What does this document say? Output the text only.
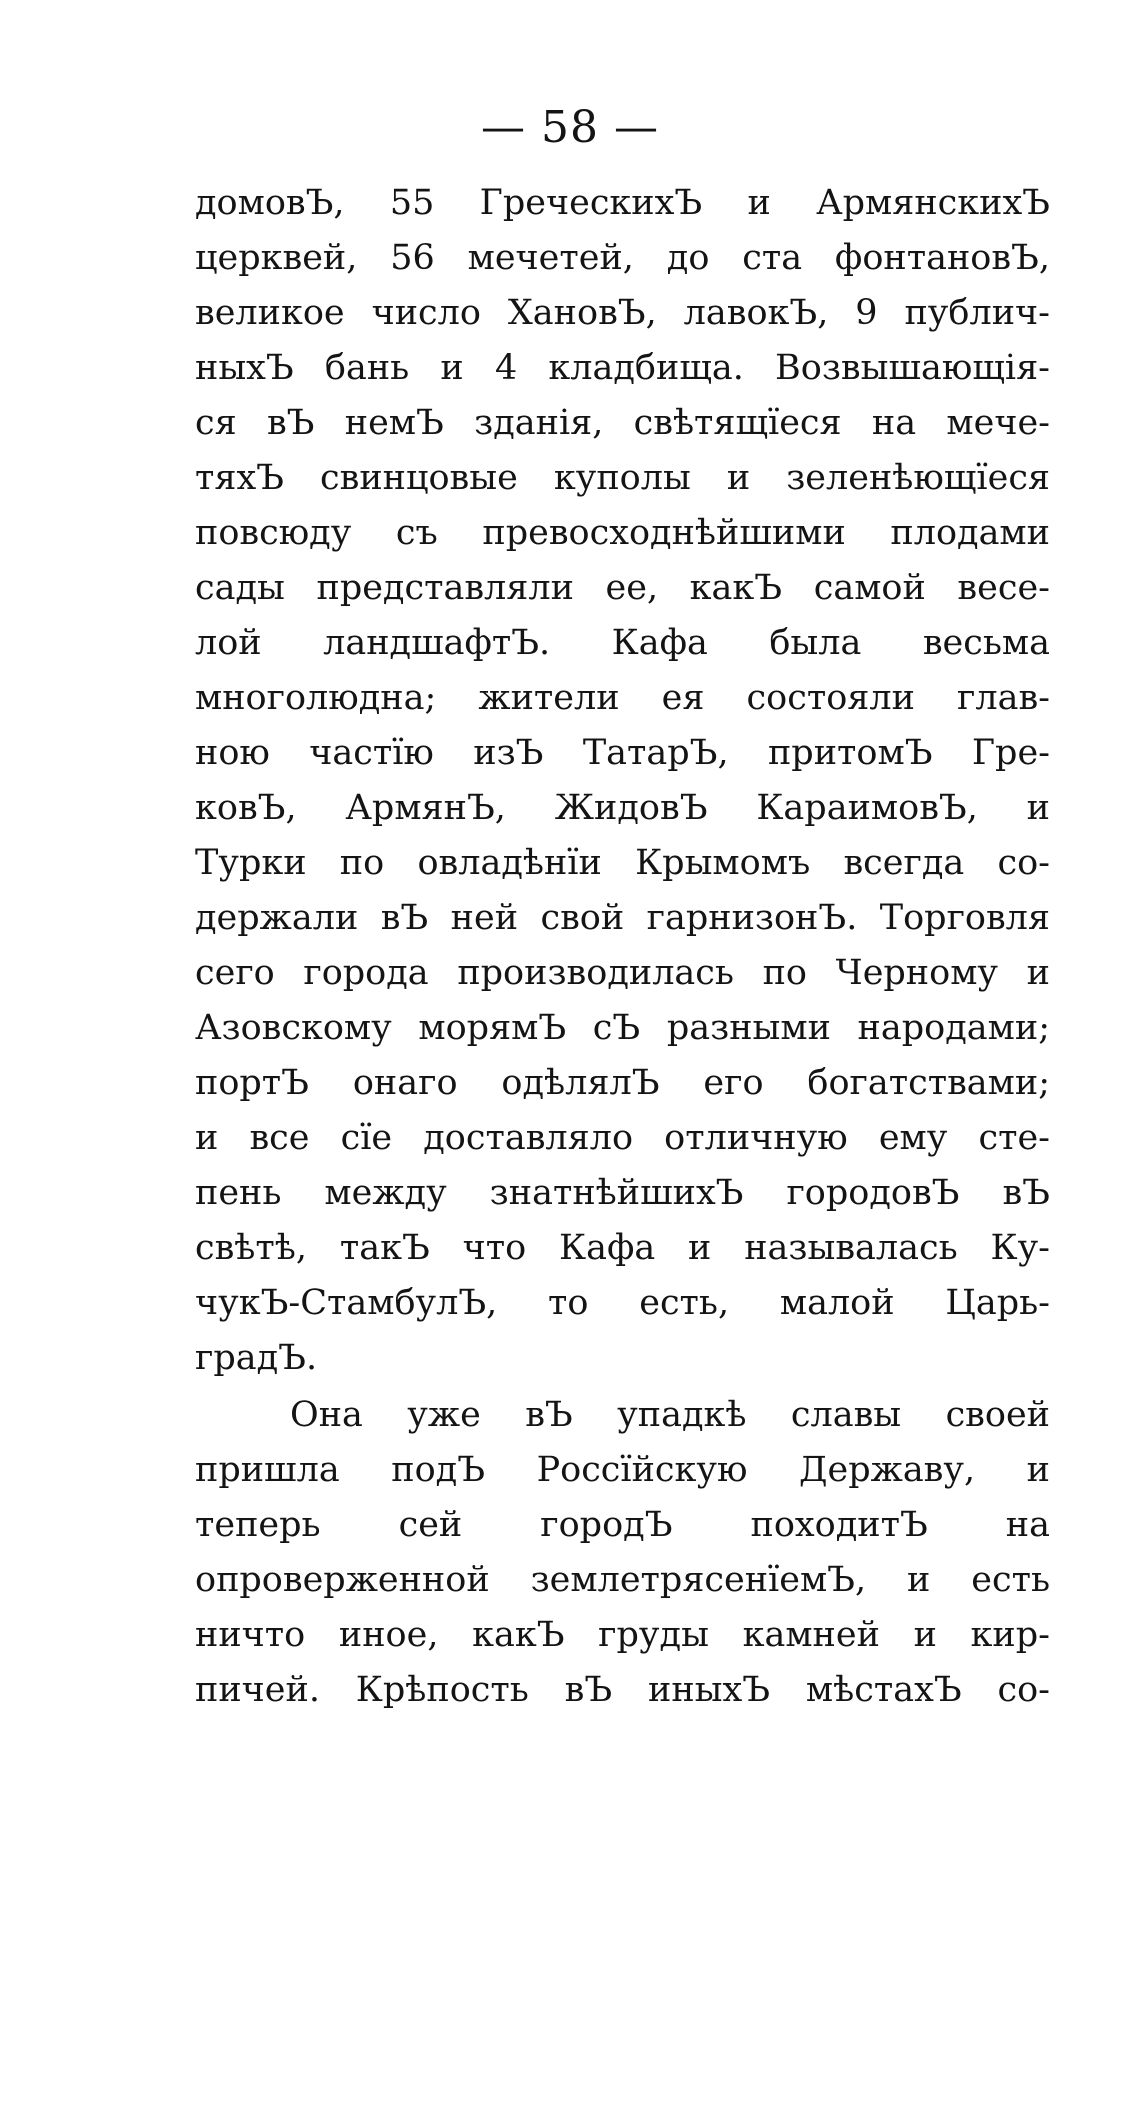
— 58 —
домовЪ, 55 ГреческихЪ и АрмянскихЪ
церквей, 56 мечетей, до ста фонтановЪ,
великое число ХановЪ, лавокЪ, 9 публич-
ныхЪ бань и 4 кладбища. Возвышающія-
ся вЪ немЪ зданія, свѣтящїеся на мече-
тяхЪ свинцовые куполы и зеленѣющїеся
повсюду съ превосходнѣйшими плодами
сады представляли ее, какЪ самой весе-
лой ландшафтЪ. Кафа была весьма
многолюдна; жители ея состояли глав-
ною частїю изЪ ТатарЪ, притомЪ Гре-
ковЪ, АрмянЪ, ЖидовЪ КараимовЪ, и
Турки по овладѣнїи Крымомъ всегда со-
держали вЪ ней свой гарнизонЪ. Торговля
сего города производилась по Черному и
Азовскому морямЪ сЪ разными народами;
портЪ онаго одѣлялЪ его богатствами;
и все сїе доставляло отличную ему сте-
пень между знатнѣйшихЪ городовЪ вЪ
свѣтѣ, такЪ что Кафа и называлась Ку-
чукЪ-СтамбулЪ, то есть, малой Царь-
градЪ.
Она уже вЪ упадкѣ славы своей
пришла подЪ Россїйскую Державу, и
теперь сей городЪ походитЪ на
опроверженной землетрясенїемЪ, и есть
ничто иное, какЪ груды камней и кир-
пичей. Крѣпость вЪ иныхЪ мѣстахЪ со-
